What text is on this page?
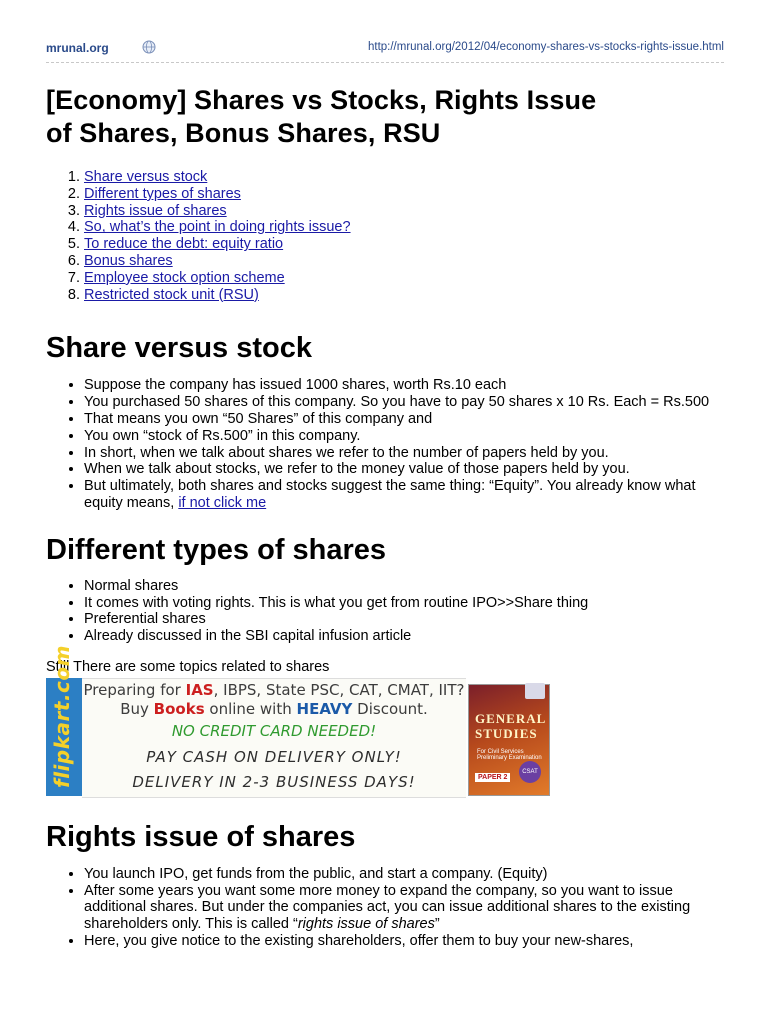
mrunal.org	http://mrunal.org/2012/04/economy-shares-vs-stocks-rights-issue.html
[Economy] Shares vs Stocks, Rights Issue
of Shares, Bonus Shares, RSU
1. Share versus stock
2. Different types of shares
3. Rights issue of shares
4. So, what’s the point in doing rights issue?
5. To reduce the debt: equity ratio
6. Bonus shares
7. Employee stock option scheme
8. Restricted stock unit (RSU)
Share versus stock
• Suppose the company has issued 1000 shares, worth Rs.10 each
• You purchased 50 shares of this company. So you have to pay 50 shares x 10 Rs. Each = Rs.500
• That means you own “50 Shares” of this company and
• You own “stock of Rs.500” in this company.
• In short, when we talk about shares we refer to the number of papers held by you.
• When we talk about stocks, we refer to the money value of those papers held by you.
• But ultimately, both shares and stocks suggest the same thing: “Equity”. You already know what equity means, if not click me
Different types of shares
• Normal shares
• It comes with voting rights. This is what you get from routine IPO>>Share thing
• Preferential shares
• Already discussed in the SBI capital infusion article

Still There are some topics related to shares

flipkart.com Preparing for IAS, IBPS, State PSC, CAT, CMAT, IIT?
Buy Books online with HEAVY Discount.
NO CREDIT CARD NEEDED!
PAY CASH ON DELIVERY ONLY!
DELIVERY IN 2-3 BUSINESS DAYS!
GENERAL
STUDIES
For Civil Services Preliminary Examination
PAPER 2
CSAT
Rights issue of shares
• You launch IPO, get funds from the public, and start a company. (Equity)
• After some years you want some more money to expand the company, so you want to issue additional shares. But under the companies act, you can issue additional shares to the existing shareholders only. This is called “rights issue of shares”
• Here, you give notice to the existing shareholders, offer them to buy your new-shares,
